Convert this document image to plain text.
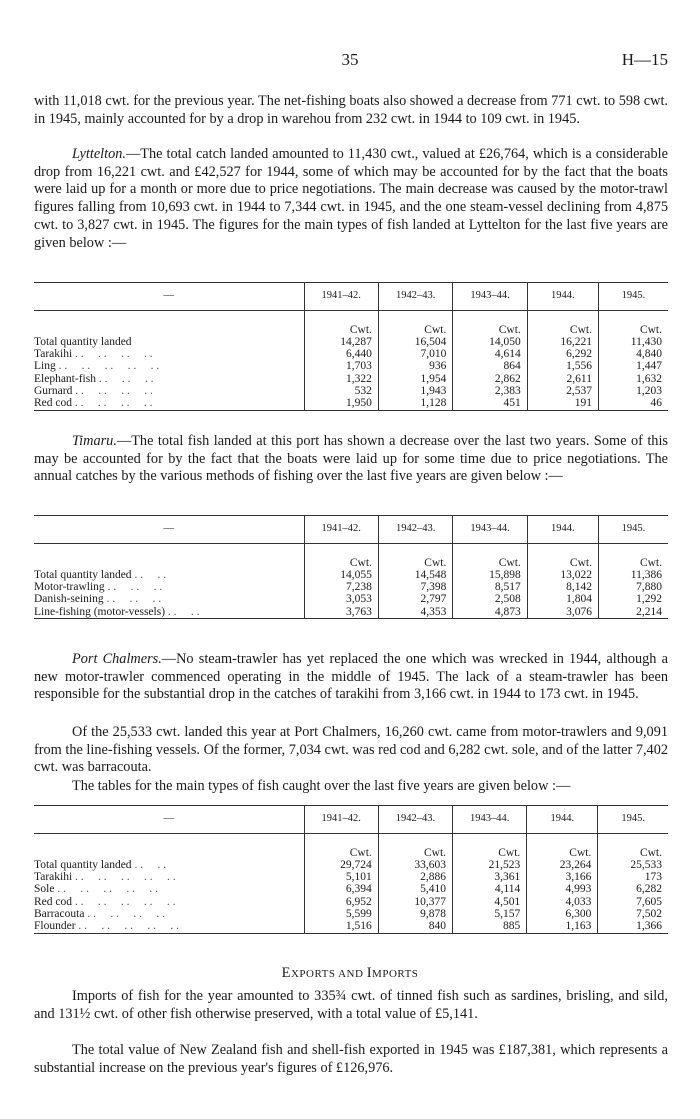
35	H—15

with 11,018 cwt. for the previous year. The net-fishing boats also showed a decrease from 771 cwt. to 598 cwt. in 1945, mainly accounted for by a drop in warehou from 232 cwt. in 1944 to 109 cwt. in 1945.

Lyttelton.—The total catch landed amounted to 11,430 cwt., valued at £26,764, which is a considerable drop from 16,221 cwt. and £42,527 for 1944, some of which may be accounted for by the fact that the boats were laid up for a month or more due to price negotiations. The main decrease was caused by the motor-trawl figures falling from 10,693 cwt. in 1944 to 7,344 cwt. in 1945, and the one steam-vessel declining from 4,875 cwt. to 3,827 cwt. in 1945. The figures for the main types of fish landed at Lyttelton for the last five years are given below :—

—	1941–42.	1942–43.	1943–44.	1944.	1945.

	Cwt.	Cwt.	Cwt.	Cwt.	Cwt.
Total quantity landed	14,287	16,504	14,050	16,221	11,430
Tarakihi . .     . .     . .     . .	6,440	7,010	4,614	6,292	4,840
Ling . .     . .     . .     . .     . .	1,703	936	864	1,556	1,447
Elephant-fish . .     . .     . .	1,322	1,954	2,862	2,611	1,632
Gurnard . .     . .     . .     . .	532	1,943	2,383	2,537	1,203
Red cod . .     . .     . .     . .	1,950	1,128	451	191	46

Timaru.—The total fish landed at this port has shown a decrease over the last two years. Some of this may be accounted for by the fact that the boats were laid up for some time due to price negotiations. The annual catches by the various methods of fishing over the last five years are given below :—

—	1941–42.	1942–43.	1943–44.	1944.	1945.

	Cwt.	Cwt.	Cwt.	Cwt.	Cwt.
Total quantity landed . .     . .	14,055	14,548	15,898	13,022	11,386
Motor-trawling . .     . .     . .	7,238	7,398	8,517	8,142	7,880
Danish-seining . .     . .     . .	3,053	2,797	2,508	1,804	1,292
Line-fishing (motor-vessels) . .     . .	3,763	4,353	4,873	3,076	2,214

Port Chalmers.—No steam-trawler has yet replaced the one which was wrecked in 1944, although a new motor-trawler commenced operating in the middle of 1945. The lack of a steam-trawler has been responsible for the substantial drop in the catches of tarakihi from 3,166 cwt. in 1944 to 173 cwt. in 1945.

Of the 25,533 cwt. landed this year at Port Chalmers, 16,260 cwt. came from motor-trawlers and 9,091 from the line-fishing vessels. Of the former, 7,034 cwt. was red cod and 6,282 cwt. sole, and of the latter 7,402 cwt. was barracouta.

The tables for the main types of fish caught over the last five years are given below :—

—	1941–42.	1942–43.	1943–44.	1944.	1945.

	Cwt.	Cwt.	Cwt.	Cwt.	Cwt.
Total quantity landed . .     . .	29,724	33,603	21,523	23,264	25,533
Tarakihi . .     . .     . .     . .     . .	5,101	2,886	3,361	3,166	173
Sole . .     . .     . .     . .     . .	6,394	5,410	4,114	4,993	6,282
Red cod . .     . .     . .     . .     . .	6,952	10,377	4,501	4,033	7,605
Barracouta . .     . .     . .     . .	5,599	9,878	5,157	6,300	7,502
Flounder . .     . .     . .     . .     . .	1,516	840	885	1,163	1,366
EXPORTS AND IMPORTS

Imports of fish for the year amounted to 335¾ cwt. of tinned fish such as sardines, brisling, and sild, and 131½ cwt. of other fish otherwise preserved, with a total value of £5,141.

The total value of New Zealand fish and shell-fish exported in 1945 was £187,381, which represents a substantial increase on the previous year's figures of £126,976.
